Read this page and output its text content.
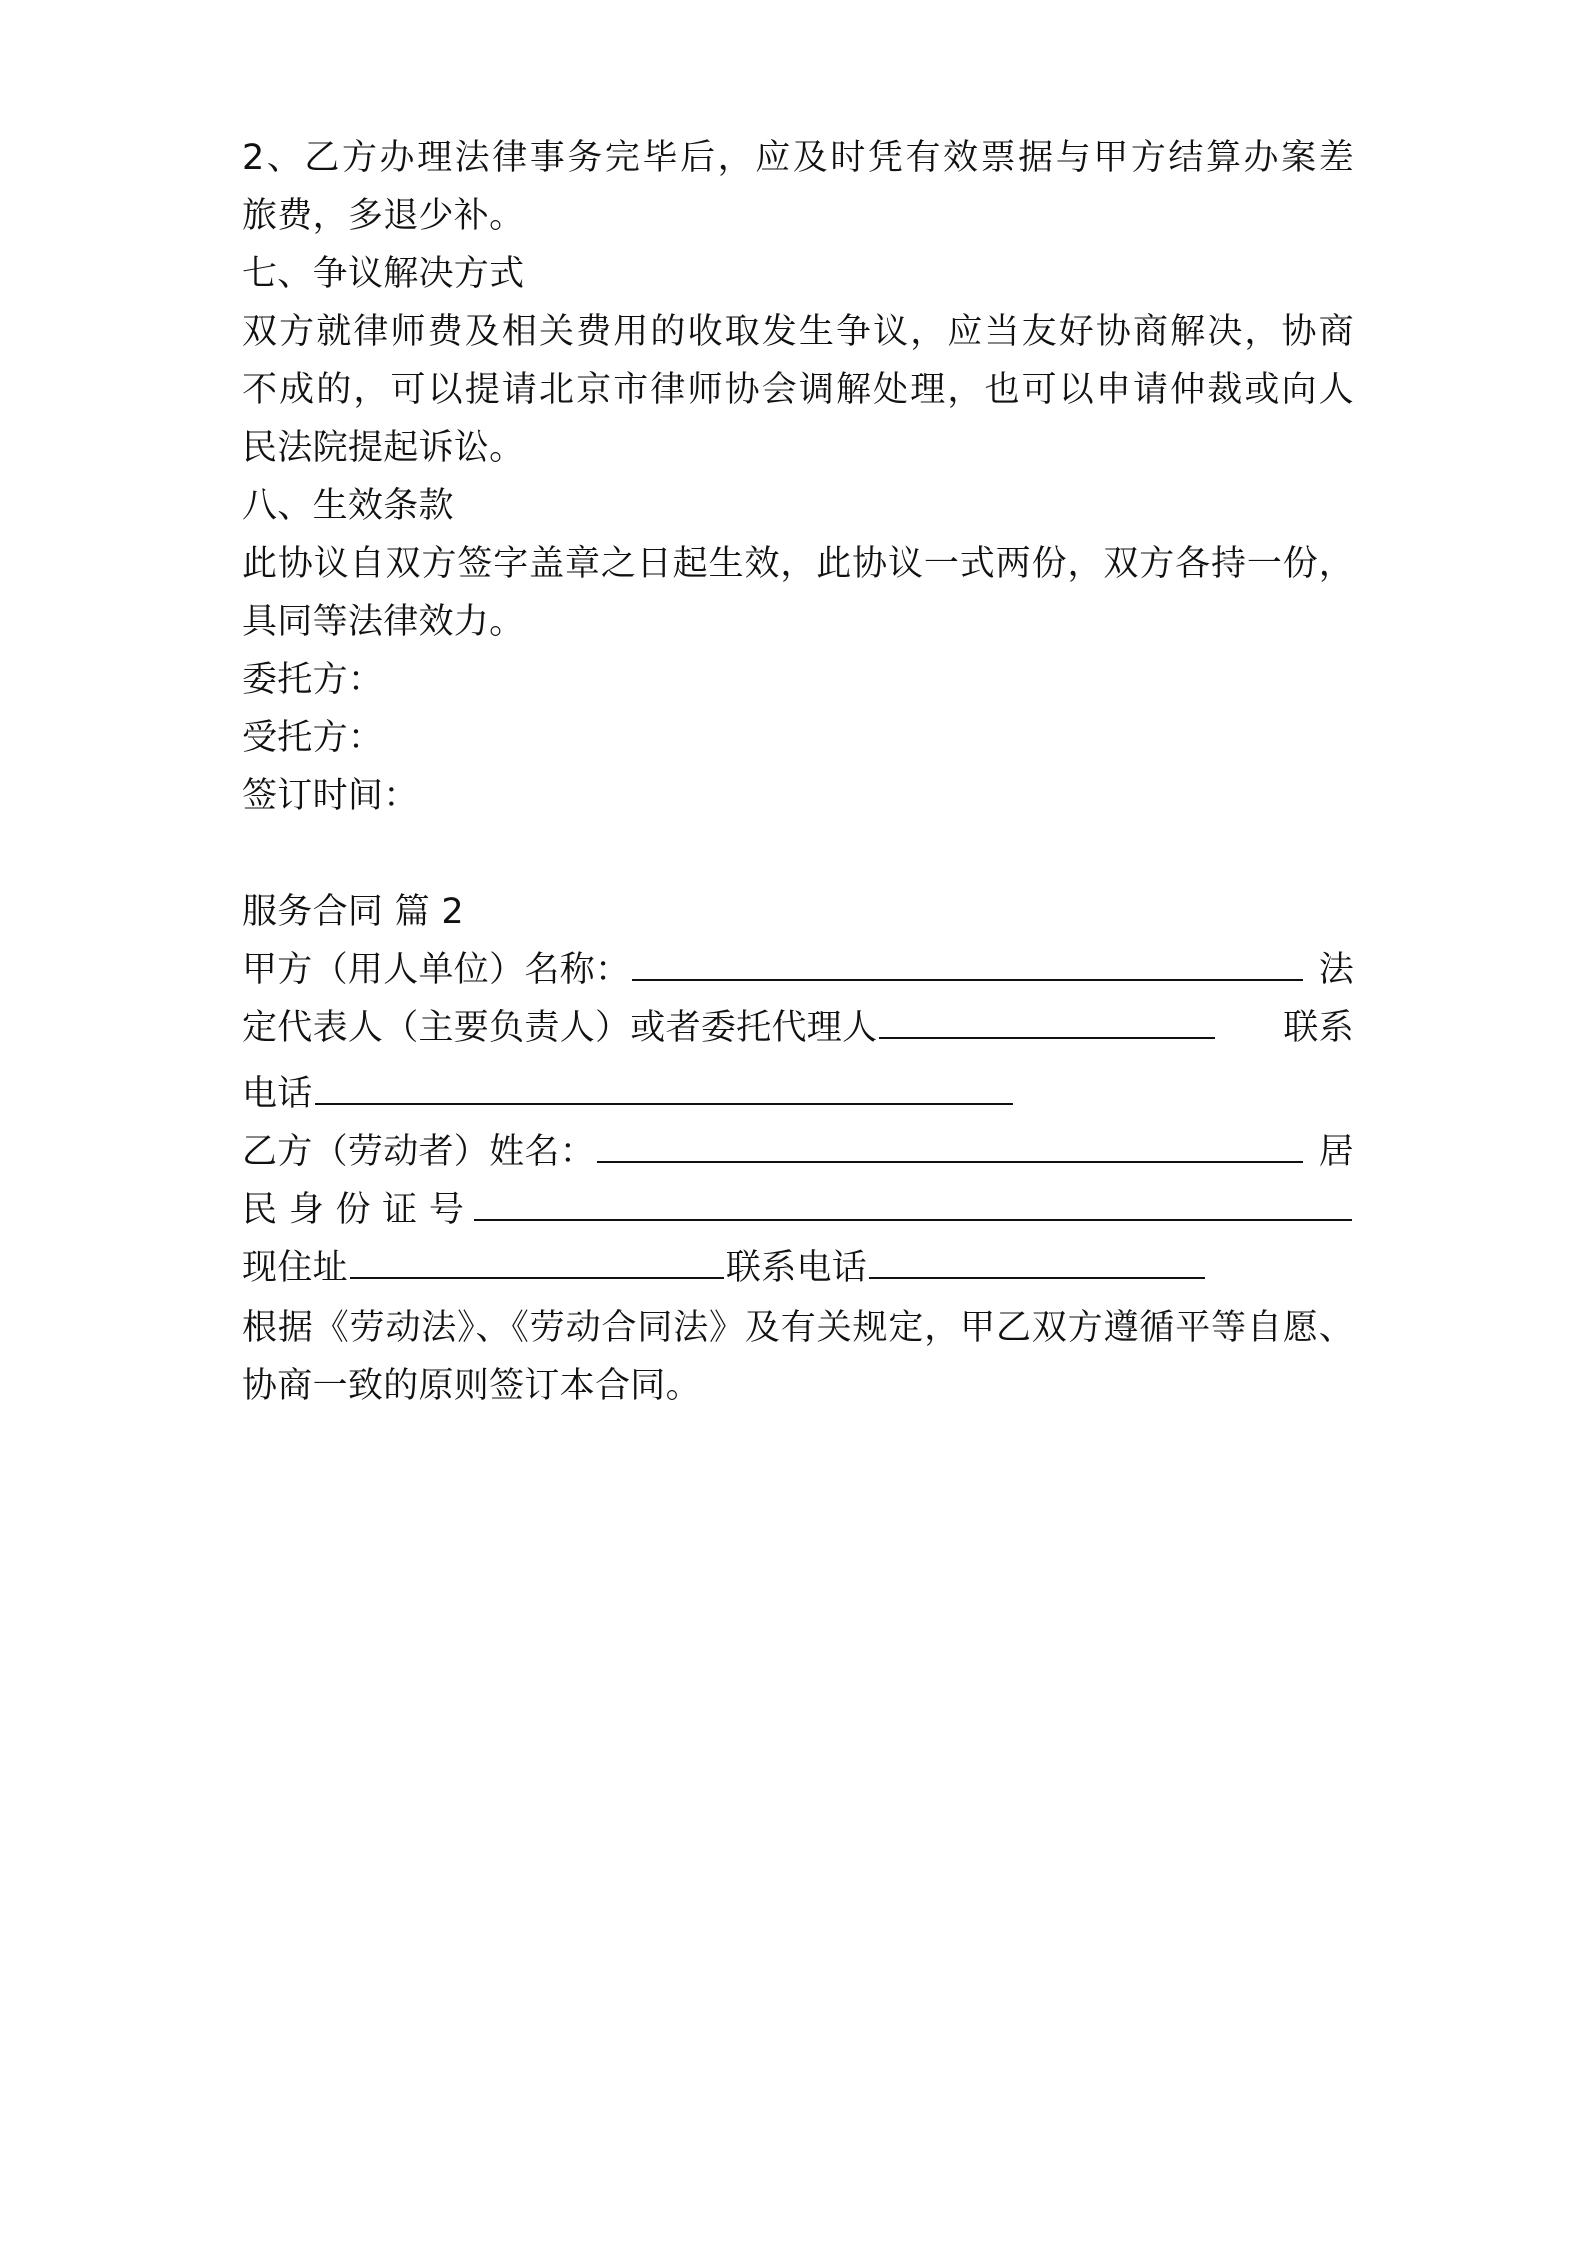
2、乙方办理法律事务完毕后，应及时凭有效票据与甲方结算办案差
旅费，多退少补。
七、争议解决方式
双方就律师费及相关费用的收取发生争议，应当友好协商解决，协商
不成的，可以提请北京市律师协会调解处理，也可以申请仲裁或向人
民法院提起诉讼。
八、生效条款
此协议自双方签字盖章之日起生效，此协议一式两份，双方各持一份，
具同等法律效力。
委托方：
受托方：
签订时间：
服务合同 篇 2
甲方（用人单位）名称：	法
定代表人（主要负责人）或者委托代理人	联系
电话
乙方（劳动者）姓名：	居
民 身 份 证 号
现住址	联系电话
根据《劳动法》、《劳动合同法》及有关规定，甲乙双方遵循平等自愿、
协商一致的原则签订本合同。
